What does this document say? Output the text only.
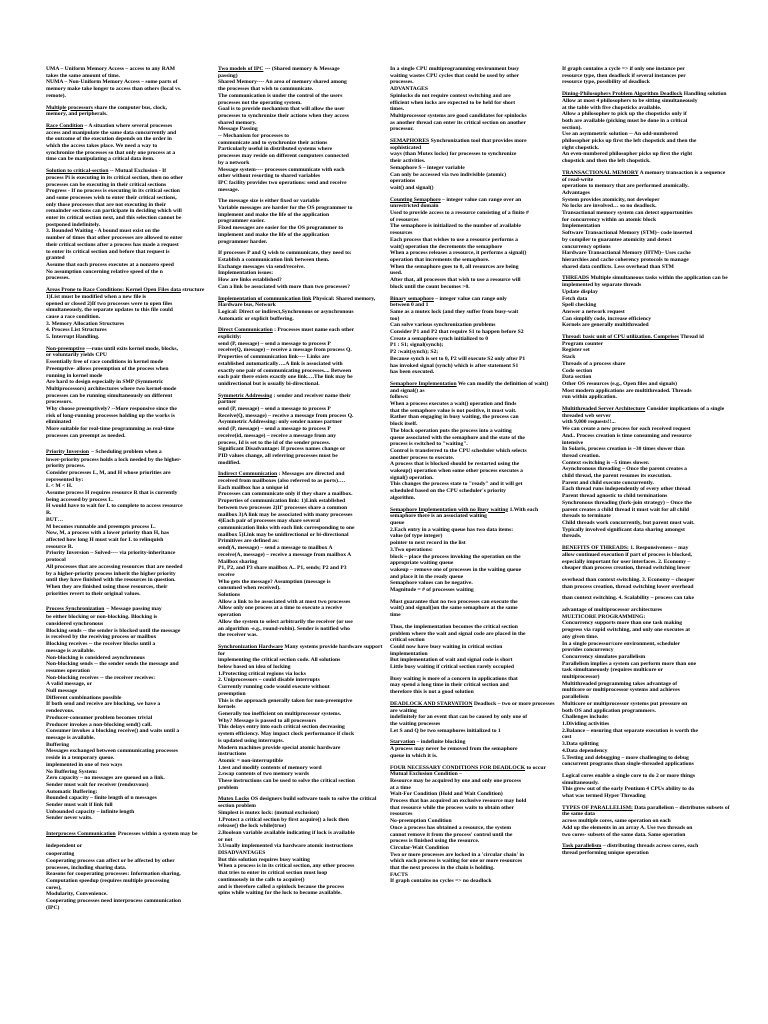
UMA – Uniform Memory Access – access to any RAM

takes the same amount of time.

NUMA – Non-Uniform Memory Access – some parts of

memory make take longer to access than others (local vs.

remote).

Multiple processors share the computer bus, clock,

memory, and peripherals.

Race Condition – A situation where several processes

access and manipulate the same data concurrently and

the outcome of the execution depends on the order in

which the access takes place. We need a way to

synchronize the processes so that only one process at a

time can be manipulating a critical data item.

Solution to critical-section -- Mutual Exclusion - If

process Pi is executing in its critical section, then no other

processes can be executing in their critical sections

Progress - If no process is executing in its critical section

and some processes wish to enter their critical sections,

only those processes that are not executing in their

remainder sections can participate in deciding which will

enter its critical section next, and this selection cannot be

postponed indefinitely.

3. Bounded Waiting - A bound must exist on the

number of times that other processes are allowed to enter

their critical sections after a process has made a request

to enter its critical section and before that request is

granted

Assume that each process executes at a nonzero speed

No assumption concerning relative speed of the n

processes.

Areas Prone to Race Conditions: Kernel Open Files data structure 1)List must be modified when a new file is

opened or closed 2)If two processes were to open files

simultaneously, the separate updates to this file could

cause a race condition.

3. Memory Allocation Structures

4. Process List Structures

5. Interrupt Handling.

Non-preemptive ---runs until exits kernel mode, blocks,

or voluntarily yields CPU

Essentially free of race conditions in kernel mode

Preemptive- allows preemption of the process when

running in kernel mode

Are hard to design especially in SMP (Symmetric

Multiprocessors) architectures where two kernel-mode

processes can be running simultaneously on different

processors.

Why choose preemptively? --More responsive since the

risk of long-running processes holding up the works is

eliminated

More suitable for real-time programming as real-time

processes can preempt as needed.

Priority Inversion – Scheduling problem when a

lower-priority process holds a lock needed by the higher-

priority process.

Consider processes L, M, and H whose priorities are

represented by:

L < M < H.

Assume process H requires resource R that is currently

being accessed by process L.

H would have to wait for L to complete to access resource

R.

BUT…

M becomes runnable and preempts process L.

Now, M, a process with a lower priority than H, has

affected how long H must wait for L to relinquish

resource R.

Priority Inversion – Solved---- via priority-inheritance

protocol

All processes that are accessing resources that are needed

by a higher-priority process inherit the higher priority

until they have finished with the resources in question.

When they are finished using those resources, their

priorities revert to their original values.

Process Synchronization – Message passing may

be either blocking or non-blocking. Blocking is

considered synchronous

Blocking sends -- the sender is blocked until the message

is received by the receiving process or mailbox

Blocking receives -- the receiver blocks until a

message is available.

Non-blocking is considered asynchronous

Non-blocking sends -- the sender sends the message and

resumes operation

Non-blocking receives -- the receiver receives:

A valid message, or

Null message

Different combinations possible

If both send and receive are blocking, we have a

rendezvous.

Producer-consumer problem becomes trivial

Producer invokes a non-blocking send() call.

Consumer invokes a blocking receive() and waits until a

message is available.

Buffering

Messages exchanged between communicating processes

reside in a temporary queue.

implemented in one of two ways

No Buffering System:

Zero capacity – no messages are queued on a link.

Sender must wait for receiver (rendezvous)

Automatic Buffering:

Bounded capacity – finite length of n messages

Sender must wait if link full

Unbounded capacity – infinite length

Sender never waits.

Interprocess Communication Processes within a system may be independent or

cooperating

Cooperating process can affect or be affected by other

processes, including sharing data.

Reasons for cooperating processes: Information sharing,

Computation speedup (requires multiple processing

cores),

Modularity, Convenience.

Cooperating processes need interprocess communication

(IPC)

Two models of IPC --- (Shared memory & Message

passing)

Shared Memory---- An area of memory shared among

the processes that wish to communicate.

The communication is under the control of the users

processes not the operating system.

Goal is to provide mechanism that will allow the user

processes to synchronize their actions when they access

shared memory.

Message Passing

-- Mechanism for processes to

communicate and to synchronize their actions

Particularly useful in distributed systems where

processes may reside on different computers connected

by a network

Message system---- processes communicate with each

other without resorting to shared variables

IPC facility provides two operations: send and receive

message.

The message size is either fixed or variable

Variable messages are harder for the OS programmer to

implement and make the life of the application

programmer easier.

Fixed messages are easier for the OS programmer to

implement and make the life of the application

programmer harder.

If processes P and Q wish to communicate, they need to:

Establish a communication link between them.

Exchange messages via send/receive.

Implementation issues:

How are links established?

Can a link be associated with more than two processes?

Implementation of communication link Physical: Shared memory, Hardware bus, Network

Logical: Direct or indirect,Synchronous or asynchronous

Automatic or explicit buffering.

Direct Communication : Processes must name each other

explicitly:

send (P, message) – send a message to process P

receive(Q, message) – receive a message from process Q.

Properties of communication link---- Links are

established automatically….A link is associated with

exactly one pair of communicating processes.... Between

each pair there exists exactly one link….The link may be

unidirectional but is usually bi-directional.

Symmetric Addressing : sender and receiver name their

partner

send (P, message) – send a message to process P

Receive(Q, message) – receive a message from process Q.

Asymmetric Addressing: only sender names partner

send (P, message) – send a message to process P

receive(id, message) – receive a message from any

process, Id is set to the id of the sender process.

Significant Disadvantage: If process names change or

PID values change, all referring processes must be

modified.

Indirect Communication : Messages are directed and

received from mailboxes (also referred to as ports)….

Each mailbox has a unique id

Processes can communicate only if they share a mailbox.

Properties of communication link: 1)Link established

between two processes 2)If' processes share a common

mailbox 3)A link may be associated with many processes

4)Each pair of processes may share several

communication links with each link corresponding to one

mailbox 5)Link may be unidirectional or bi-directional

Primitives are defined as:

send(A, message) – send a message to mailbox A

receive(A, message) – receive a message from mailbox A

Mailbox sharing

P1, P2, and P3 share mailbox A.. P1, sends; P2 and P3

receive

Who gets the message? Assumption (message is

consumed when received).

Solutions

Allow a link to be associated with at most two processes

Allow only one process at a time to execute a receive

operation

Allow the system to select arbitrarily the receiver (or use

an algorithm -e.g., round-robin). Sender is notified who

the receiver was.

Synchronization Hardware Many systems provide hardware support for

implementing the critical section code. All solutions

below based on idea of locking

1.Protecting critical regions via locks

2. Uniprocessors – could disable interrupts

Currently running code would execute without

preemption

This is the approach generally taken for non-preemptive

kernels

Generally too inefficient on multiprocessor systems.

Why? Message is passed to all processors

This delays entry into each critical section decreasing

system efficiency. May impact clock performance if clock

is updated using interrupts.

Modern machines provide special atomic hardware

instructions

Atomic = non-interruptible

1.test and modify contents of memory word

2.swap contents of two memory words

These instructions can be used to solve the critical section

problem

Mutex Locks OS designers build software tools to solve the critical

section problem

Simplest is mutex lock: (mutual exclusion)

1.Protect a critical section by first acquire() a lock then

release() the lock while(true)

2.Boolean variable available indicating if lock is available

or not

3.Usually implemented via hardware atomic instructions

DISADVANTAGES

But this solution requires busy waiting

When a process is in its critical section, any other process

that tries to enter its critical section must loop

continuously in the calls to acquire()

and is therefore called a spinlock because the process

spins while waiting for the lock to become available.

In a single CPU multiprogramming environment busy

waiting wastes CPU cycles that could be used by other

processes.

ADVANTAGES

Spinlocks do not require context switching and are

efficient when locks are expected to be held for short

times.

Multiprocessor systems are good candidates for spinlocks

as another thread can enter its critical section on another

processor.

SEMAPHORES Synchronization tool that provides more sophisticated

ways (than Mutex locks) for processes to synchronize

their activities.

Semaphore S – integer variable

Can only be accessed via two indivisible (atomic)

operations

wait() and signal()

Counting Semaphore – integer value can range over an

unrestricted domain

Used to provide access to a resource consisting of a finite #

of resources

The semaphore is initialized to the number of available

resources

Each process that wishes to use a resource performs a

wait() operation the decrements the semaphore

When a process releases a resource, it performs a signal()

operation that increments the semaphore.

When the semaphore goes to 0, all resources are being

used.

After that, all processes that wish to use a resource will

block until the count becomes >0.

Binary semaphore – integer value can range only

between 0 and 1

Same as a mutex lock (and they suffer from busy-wait

too)

Can solve various synchronization problems

Consider P1 and P2 that require S1 to happen before S2

Create a semaphore synch initialized to 0

P1 : S1; signal(synch);

P2 :wait(synch); S2;

Because synch is set to 0, P2 will execute S2 only after P1

has invoked signal (synch) which is after statement S1

has been executed.

Semaphore Implementation We can modify the definition of wait() and signal() as

follows:

When a process executes a wait() operation and finds

that the semaphore value is not positive, it must wait.

Rather than engaging in busy waiting, the process can

block itself.

The block operation puts the process into a waiting

queue associated with the semaphore and the state of the

process is switched to "waiting".

Control is transferred to the CPU scheduler which selects

another process to execute.

A process that is blocked should be restarted using the

wakeup() operation when some other process executes a

signal() operation.

This changes the process state to "ready" and it will get

scheduled based on the CPU scheduler's priority

algorithm.

Semaphore Implementation with no Busy waiting 1.With each semaphore there is an associated waiting

queue

2.Each entry in a waiting queue has two data items:

value (of type integer)

pointer to next record in the list

3.Two operations:

block – place the process invoking the operation on the

appropriate waiting queue

wakeup – remove one of processes in the waiting queue

and place it in the ready queue

Semaphore values can be negative.

Magnitude = # of processes waiting

Must guarantee that no two processes can execute the

wait() and signal()on the same semaphore at the same

time

Thus, the implementation becomes the critical section

problem where the wait and signal code are placed in the

critical section

Could now have busy waiting in critical section

implementation

But implementation of wait and signal code is short

Little busy waiting if critical section rarely occupied

Busy waiting is more of a concern in applications that

may spend a long time in their critical section and

therefore this is not a good solution

DEADLOCK AND STARVATION Deadlock – two or more processes are waiting

indefinitely for an event that can be caused by only one of

the waiting processes

Let S and Q be two semaphores initialized to 1

Starvation – indefinite blocking

A process may never be removed from the semaphore

queue in which it is.

FOUR NECESSARY CONDITIONS FOR DEADLOCK to occur

Mutual Exclusion Condition –

Resource may be acquired by one and only one process

at a time

Wait-For Condition (Hold and Wait Condition)

Process that has acquired an exclusive resource may hold

that resource while the process waits to obtain other

resources

No-preemption Condition

Once a process has obtained a resource, the system

cannot remove it from the process' control until the

process is finished using the resource.

Circular-Wait Condition

Two or more processes are locked in a 'circular chain' in

which each process is waiting for one or more resources

that the next process in the chain is holding.

FACTS

If graph contains no cycles => no deadlock

If graph contains a cycle => if only one instance per

resource type, then deadlock if several instances per

resource type, possibility of deadlock

Dining-Philosophers Problem Algorithm Deadlock Handling solution

Allow at most 4 philosophers to be sitting simultaneously

at the table with five chopsticks available.

Allow a philosopher to pick up the chopsticks only if

both are available (picking must be done in a critical

section).

Use an asymmetric solution -- An odd-numbered

philosopher picks up first the left chopstick and then the

right chopstick.

An even-numbered philosopher picks up first the right

chopstick and then the left chopstick.

TRANSACTIONAL MEMORY A memory transaction is a sequence of read-write

operations to memory that are performed atomically.

Advantages

System provides atomicity, not developer

No locks are involved… so no deadlock.

Transactional memory system can detect opportunities

for concurrency within an atomic block

Implementation

Software Transactional Memory (STM)– code inserted

by compiler to guarantee atomicity and detect

concurrency options

Hardware Transactional Memory (HTM)– Uses cache

hierarchies and cache coherency protocols to manage

shared data conflicts. Less overhead than STM

THREADS Multiple simultaneous tasks within the application can be

implemented by separate threads

Update display

Fetch data

Spell checking

Answer a network request

Can simplify code, increase efficiency

Kernels are generally multithreaded

Thread: basic unit of CPU utilization. Comprises Thread id

Program counter

Register set

Stack

Threads of a process share

Code section

Data section

Other OS resources (e.g., Open files and signals)

Most modern applications are multithreaded. Threads

run within application.

Multithreaded Server Architecture Consider implications of a single threaded web server

with 9,000 requests!!...

We can create a new process for each received request

And.. Process creation is time consuming and resource

intensive

In Solaris, process creation is ~30 times slower than

thread creation.

Context switching is ~5 times slower.

Asynchronous threading – Once the parent creates a

child thread, the parent resumes its execution.

Parent and child execute concurrently.

Each thread runs independently of every other thread

Parent thread agnostic to child terminations

Synchronous threading (fork-join strategy) – Once the

parent creates a child thread it must wait for all child

threads to terminate

Child threads work concurrently, but parent must wait.

Typically involved significant data sharing amongst

threads.

BENEFITS OF THREADS: 1. Responsiveness – may

allow continued execution if part of process is blocked,

especially important for user interfaces. 2. Economy –

cheaper than process creation, thread switching lower

overhead than context switching. 3. Economy – cheaper

than process creation, thread switching lower overhead

than context switching. 4. Scalability – process can take

advantage of multiprocessor architectures

MULTICORE PROGRAMMING:

Concurrency supports more than one task making

progress via rapid switching, and only one executes at

any given time.

In a single processor/core environment, scheduler

provides concurrency

Concurrency simulates parallelism

Parallelism implies a system can perform more than one

task simultaneously (requires multicore or

multiprocessor)

Multithreaded programming takes advantage of

multicore or multiprocessor systems and achieves

parallelism

Multicore or multiprocessor systems put pressure on

both OS and application programmers.

Challenges include:

1.Dividing activities

2.Balance – ensuring that separate execution is worth the

cost

3.Data splitting

4.Data dependency

5.Testing and debugging – more challenging to debug

concurrent programs than single-threaded applications

Logical cores enable a single core to do 2 or more things

simultaneously.

This grew out of the early Pentium 4 CPUs ability to do

what was termed Hyper Threading

TYPES OF PARALLELISM: Data parallelism – distributes subsets of the same data

across multiple cores, same operation on each

Add up the elements in an array A. Use two threads on

two cores- subsets of the same data. Same operation

Task parallelism – distributing threads across cores, each

thread performing unique operation
